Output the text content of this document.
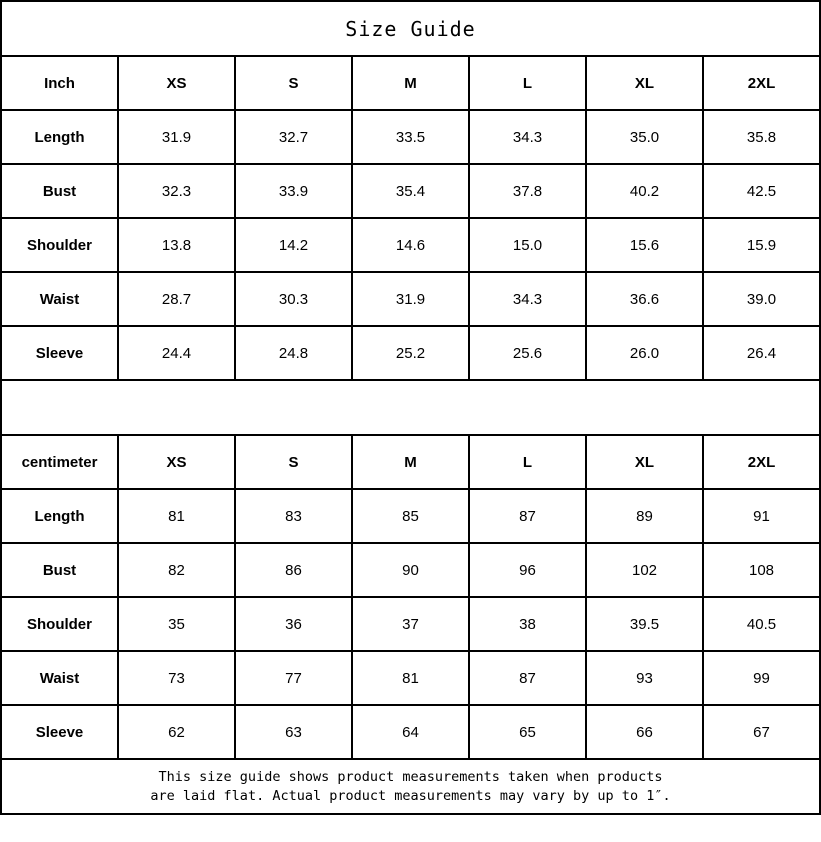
Size Guide						
Inch	XS	S	M	L	XL	2XL
Length	31.9	32.7	33.5	34.3	35.0	35.8
Bust	32.3	33.9	35.4	37.8	40.2	42.5
Shoulder	13.8	14.2	14.6	15.0	15.6	15.9
Waist	28.7	30.3	31.9	34.3	36.6	39.0
Sleeve	24.4	24.8	25.2	25.6	26.0	26.4

centimeter	XS	S	M	L	XL	2XL
Length	81	83	85	87	89	91
Bust	82	86	90	96	102	108
Shoulder	35	36	37	38	39.5	40.5
Waist	73	77	81	87	93	99
Sleeve	62	63	64	65	66	67

This size guide shows product measurements taken when products
are laid flat. Actual product measurements may vary by up to 1″.						
